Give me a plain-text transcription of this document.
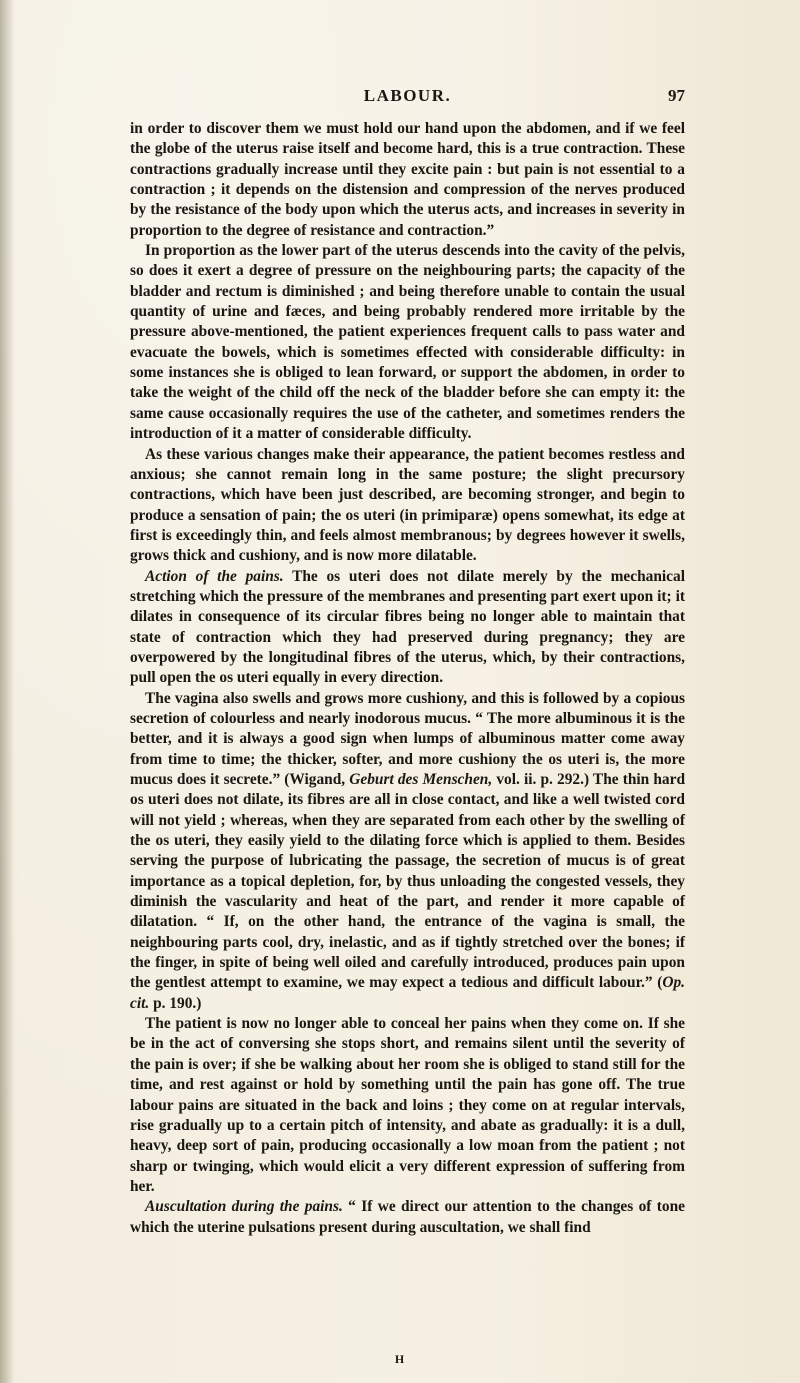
LABOUR.	97

in order to discover them we must hold our hand upon the abdomen, and if we feel the globe of the uterus raise itself and become hard, this is a true contraction. These contractions gradually increase until they excite pain : but pain is not essential to a contraction ; it depends on the distension and compression of the nerves produced by the resistance of the body upon which the uterus acts, and increases in severity in proportion to the degree of resistance and contraction.”

In proportion as the lower part of the uterus descends into the cavity of the pelvis, so does it exert a degree of pressure on the neighbouring parts; the capacity of the bladder and rectum is diminished ; and being therefore unable to contain the usual quantity of urine and fæces, and being probably rendered more irritable by the pressure above-mentioned, the patient experiences frequent calls to pass water and evacuate the bowels, which is sometimes effected with considerable difficulty: in some instances she is obliged to lean forward, or support the abdomen, in order to take the weight of the child off the neck of the bladder before she can empty it: the same cause occasionally requires the use of the catheter, and sometimes renders the introduction of it a matter of considerable difficulty.

As these various changes make their appearance, the patient becomes restless and anxious; she cannot remain long in the same posture; the slight precursory contractions, which have been just described, are becoming stronger, and begin to produce a sensation of pain; the os uteri (in primiparæ) opens somewhat, its edge at first is exceedingly thin, and feels almost membranous; by degrees however it swells, grows thick and cushiony, and is now more dilatable.

Action of the pains. The os uteri does not dilate merely by the mechanical stretching which the pressure of the membranes and presenting part exert upon it; it dilates in consequence of its circular fibres being no longer able to maintain that state of contraction which they had preserved during pregnancy; they are overpowered by the longitudinal fibres of the uterus, which, by their contractions, pull open the os uteri equally in every direction.

The vagina also swells and grows more cushiony, and this is followed by a copious secretion of colourless and nearly inodorous mucus. “ The more albuminous it is the better, and it is always a good sign when lumps of albuminous matter come away from time to time; the thicker, softer, and more cushiony the os uteri is, the more mucus does it secrete.” (Wigand, Geburt des Menschen, vol. ii. p. 292.) The thin hard os uteri does not dilate, its fibres are all in close contact, and like a well twisted cord will not yield ; whereas, when they are separated from each other by the swelling of the os uteri, they easily yield to the dilating force which is applied to them. Besides serving the purpose of lubricating the passage, the secretion of mucus is of great importance as a topical depletion, for, by thus unloading the congested vessels, they diminish the vascularity and heat of the part, and render it more capable of dilatation. “ If, on the other hand, the entrance of the vagina is small, the neighbouring parts cool, dry, inelastic, and as if tightly stretched over the bones; if the finger, in spite of being well oiled and carefully introduced, produces pain upon the gentlest attempt to examine, we may expect a tedious and difficult labour.” (Op. cit. p. 190.)

The patient is now no longer able to conceal her pains when they come on. If she be in the act of conversing she stops short, and remains silent until the severity of the pain is over; if she be walking about her room she is obliged to stand still for the time, and rest against or hold by something until the pain has gone off. The true labour pains are situated in the back and loins ; they come on at regular intervals, rise gradually up to a certain pitch of intensity, and abate as gradually: it is a dull, heavy, deep sort of pain, producing occasionally a low moan from the patient ; not sharp or twinging, which would elicit a very different expression of suffering from her.

Auscultation during the pains. “ If we direct our attention to the changes of tone which the uterine pulsations present during auscultation, we shall find

H
